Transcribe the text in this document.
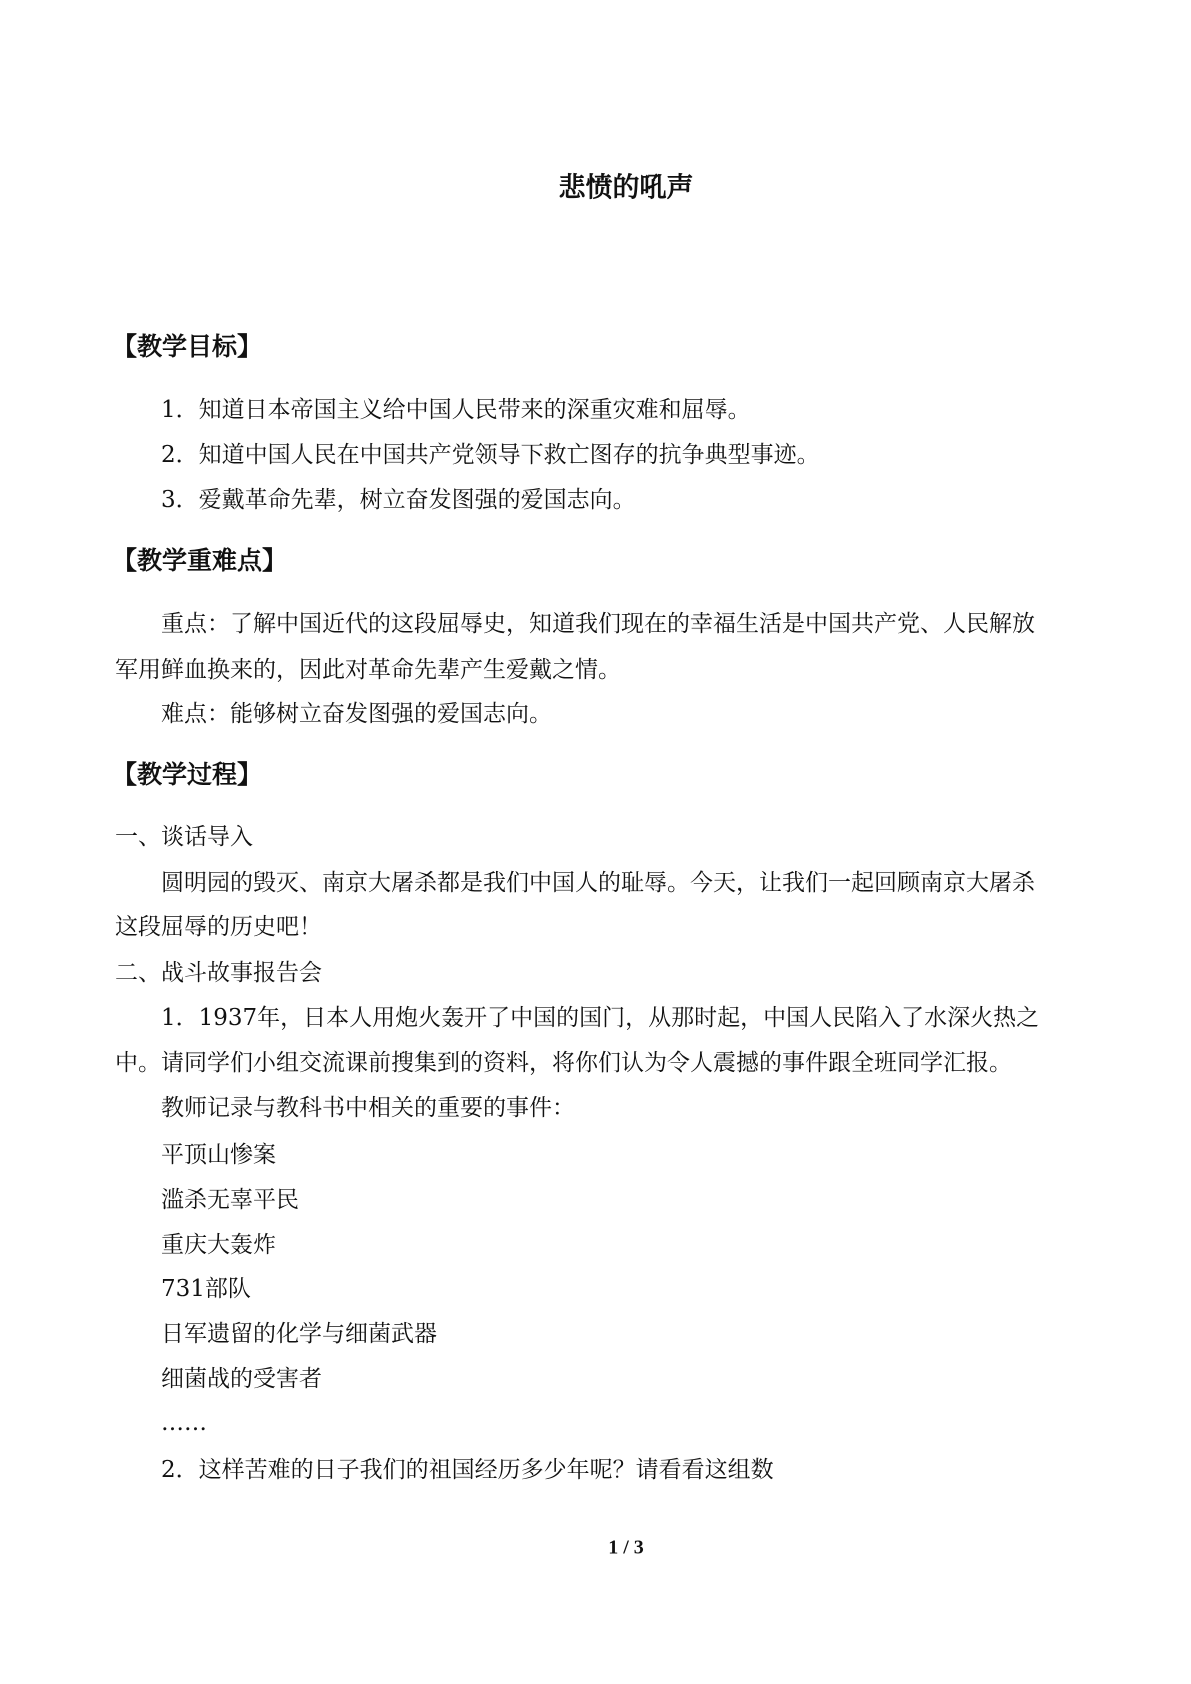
悲愤的吼声
【教学目标】
1．知道日本帝国主义给中国人民带来的深重灾难和屈辱。
2．知道中国人民在中国共产党领导下救亡图存的抗争典型事迹。
3．爱戴革命先辈，树立奋发图强的爱国志向。
【教学重难点】
重点：了解中国近代的这段屈辱史，知道我们现在的幸福生活是中国共产党、人民解放
军用鲜血换来的，因此对革命先辈产生爱戴之情。
难点：能够树立奋发图强的爱国志向。
【教学过程】
一、谈话导入
圆明园的毁灭、南京大屠杀都是我们中国人的耻辱。今天，让我们一起回顾南京大屠杀
这段屈辱的历史吧！
二、战斗故事报告会
1．1937年，日本人用炮火轰开了中国的国门，从那时起，中国人民陷入了水深火热之
中。请同学们小组交流课前搜集到的资料，将你们认为令人震撼的事件跟全班同学汇报。
教师记录与教科书中相关的重要的事件：
平顶山惨案
滥杀无辜平民
重庆大轰炸
731部队
日军遗留的化学与细菌武器
细菌战的受害者
……
2．这样苦难的日子我们的祖国经历多少年呢？请看看这组数
1 / 3
